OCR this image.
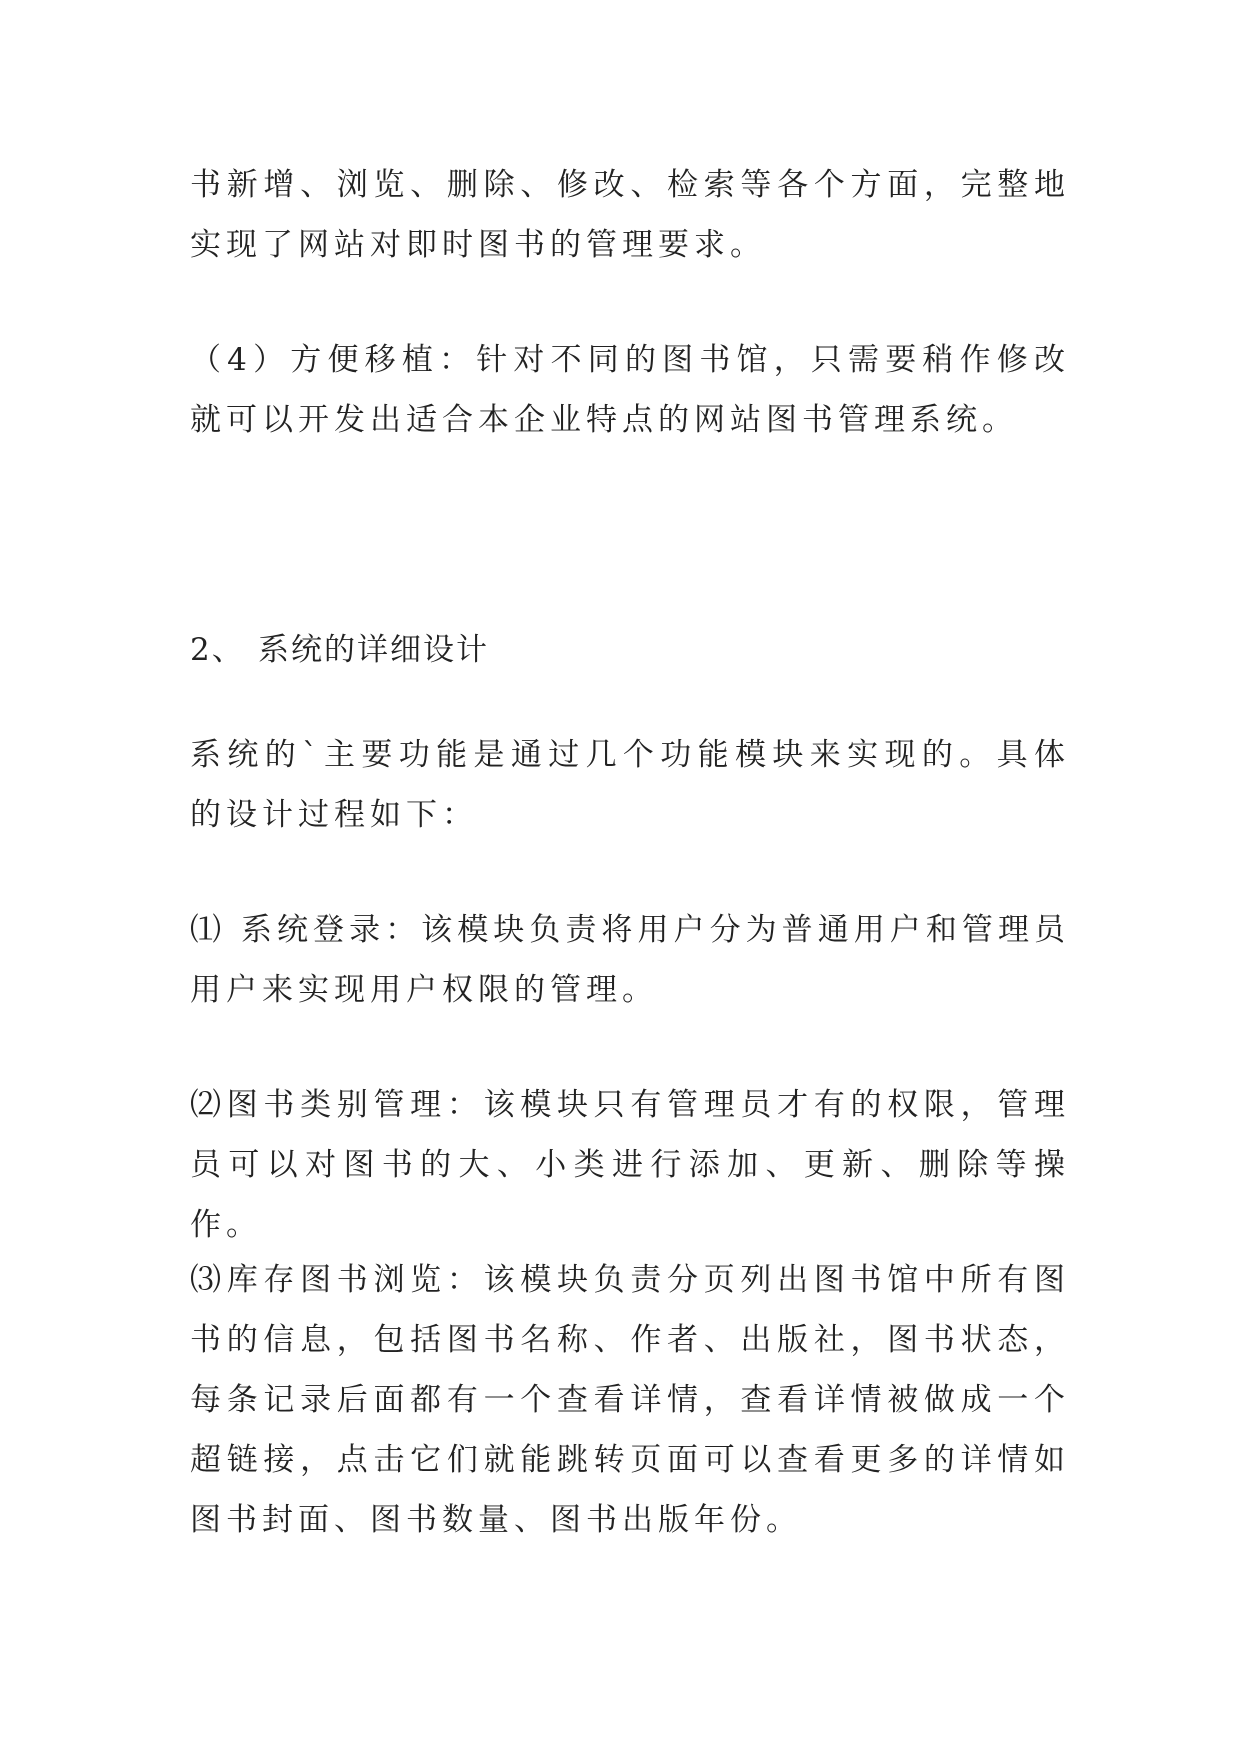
书新增、浏览、删除、修改、检索等各个方面，完整地实现了网站对即时图书的管理要求。

（4）方便移植：针对不同的图书馆，只需要稍作修改就可以开发出适合本企业特点的网站图书管理系统。

2、 系统的详细设计

系统的`主要功能是通过几个功能模块来实现的。具体的设计过程如下：

⑴ 系统登录：该模块负责将用户分为普通用户和管理员用户来实现用户权限的管理。

⑵图书类别管理：该模块只有管理员才有的权限，管理员可以对图书的大、小类进行添加、更新、删除等操作。

⑶库存图书浏览：该模块负责分页列出图书馆中所有图书的信息，包括图书名称、作者、出版社，图书状态，每条记录后面都有一个查看详情，查看详情被做成一个超链接，点击它们就能跳转页面可以查看更多的详情如图书封面、图书数量、图书出版年份。
